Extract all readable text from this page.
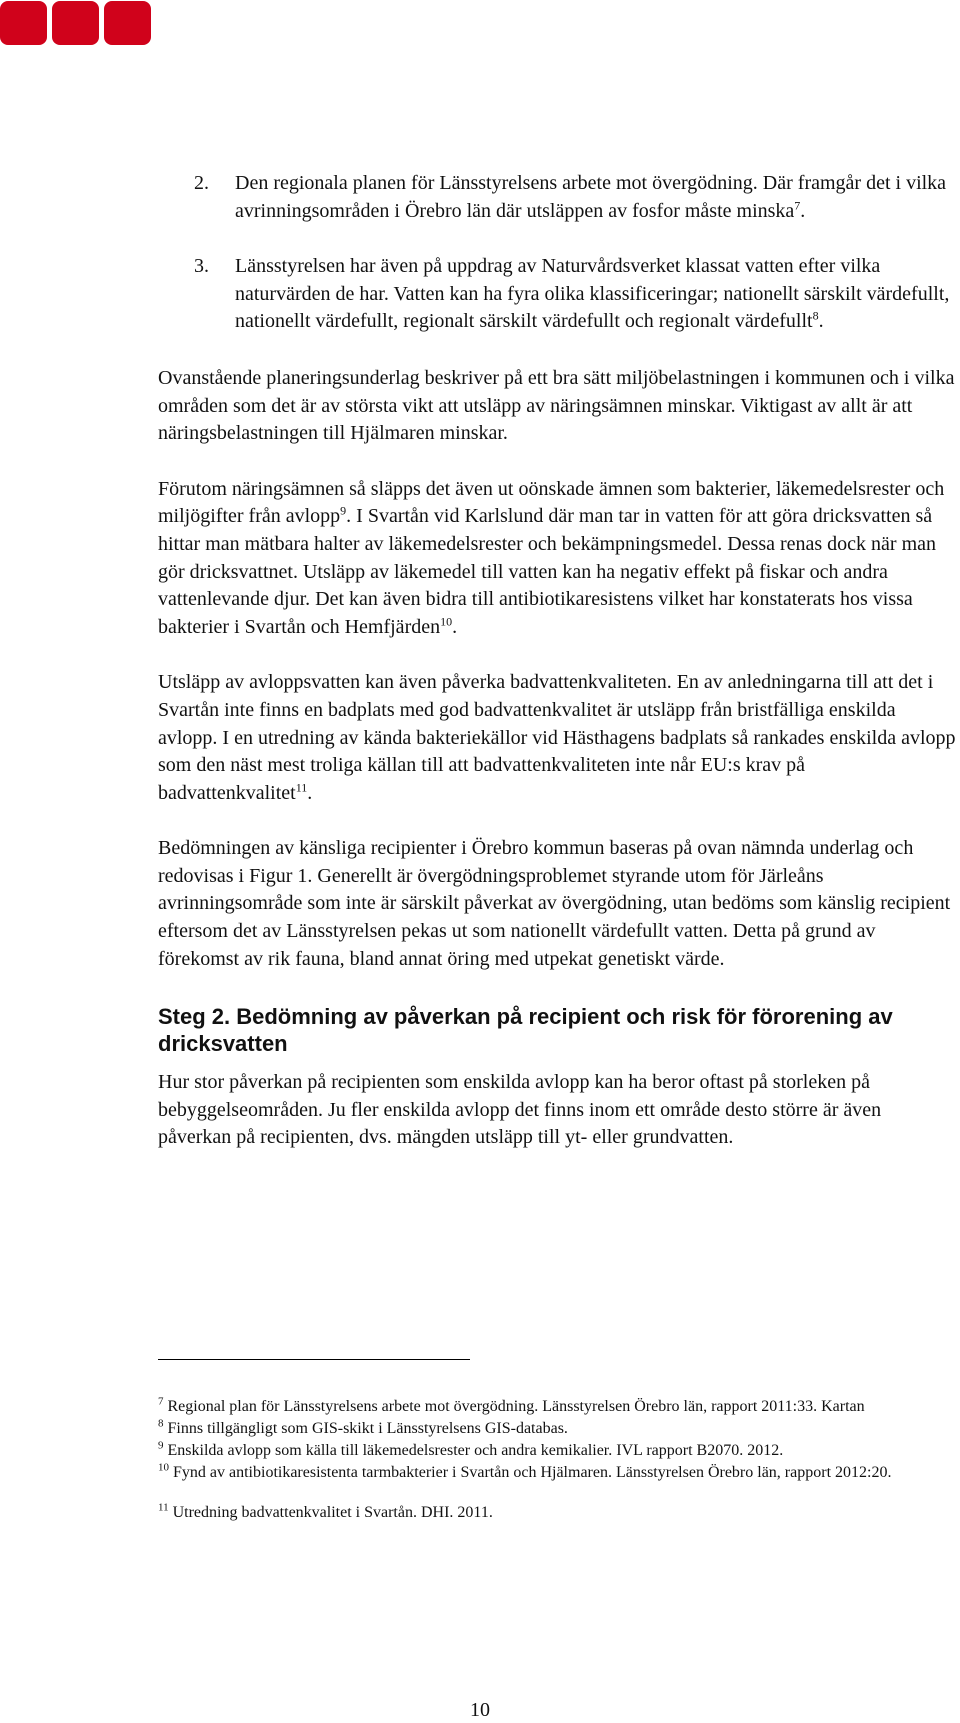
2. Den regionala planen för Länsstyrelsens arbete mot övergödning. Där framgår det i vilka avrinningsområden i Örebro län där utsläppen av fosfor måste minska$^7$.
3. Länsstyrelsen har även på uppdrag av Naturvårdsverket klassat vatten efter vilka naturvärden de har. Vatten kan ha fyra olika klassificeringar; nationellt särskilt värdefullt, nationellt värdefullt, regionalt särskilt värdefullt och regionalt värdefullt$^8$.

Ovanstående planeringsunderlag beskriver på ett bra sätt miljöbelastningen i kommunen och i vilka områden som det är av största vikt att utsläpp av näringsämnen minskar. Viktigast av allt är att näringsbelastningen till Hjälmaren minskar.

Förutom näringsämnen så släpps det även ut oönskade ämnen som bakterier, läkemedelsrester och miljögifter från avlopp$^9$. I Svartån vid Karlslund där man tar in vatten för att göra dricksvatten så hittar man mätbara halter av läkemedelsrester och bekämpningsmedel. Dessa renas dock när man gör dricksvattnet. Utsläpp av läkemedel till vatten kan ha negativ effekt på fiskar och andra vattenlevande djur. Det kan även bidra till antibiotikaresistens vilket har konstaterats hos vissa bakterier i Svartån och Hemfjärden$^{10}$.

Utsläpp av avloppsvatten kan även påverka badvattenkvaliteten. En av anledningarna till att det i Svartån inte finns en badplats med god badvattenkvalitet är utsläpp från bristfälliga enskilda avlopp. I en utredning av kända bakteriekällor vid Hästhagens badplats så rankades enskilda avlopp som den näst mest troliga källan till att badvattenkvaliteten inte når EU:s krav på badvattenkvalitet$^{11}$.

Bedömningen av känsliga recipienter i Örebro kommun baseras på ovan nämnda underlag och redovisas i Figur 1. Generellt är övergödningsproblemet styrande utom för Järleåns avrinningsområde som inte är särskilt påverkat av övergödning, utan bedöms som känslig recipient eftersom det av Länsstyrelsen pekas ut som nationellt värdefullt vatten. Detta på grund av förekomst av rik fauna, bland annat öring med utpekat genetiskt värde.

Steg 2. Bedömning av påverkan på recipient och risk för förorening av dricksvatten

Hur stor påverkan på recipienten som enskilda avlopp kan ha beror oftast på storleken på bebyggelseområden. Ju fler enskilda avlopp det finns inom ett område desto större är även påverkan på recipienten, dvs. mängden utsläpp till yt- eller grundvatten.

$^7$ Regional plan för Länsstyrelsens arbete mot övergödning. Länsstyrelsen Örebro län, rapport 2011:33. Kartan

$^8$ Finns tillgängligt som GIS-skikt i Länsstyrelsens GIS-databas.

$^9$ Enskilda avlopp som källa till läkemedelsrester och andra kemikalier. IVL rapport B2070. 2012.

$^{10}$ Fynd av antibiotikaresistenta tarmbakterier i Svartån och Hjälmaren. Länsstyrelsen Örebro län, rapport 2012:20.

$^{11}$ Utredning badvattenkvalitet i Svartån. DHI. 2011.

10
